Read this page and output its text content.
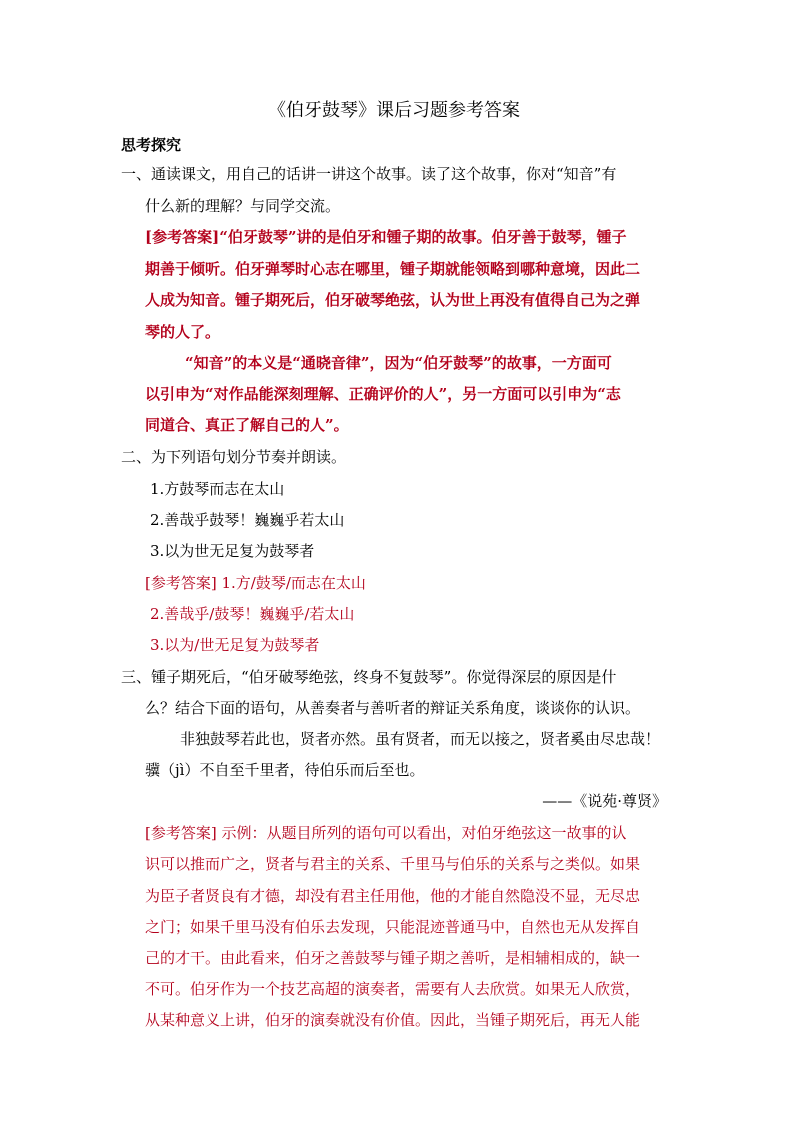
《伯牙鼓琴》课后习题参考答案
思考探究
一、通读课文，用自己的话讲一讲这个故事。读了这个故事，你对“知音”有
什么新的理解？与同学交流。
[参考答案]“伯牙鼓琴”讲的是伯牙和锺子期的故事。伯牙善于鼓琴，锺子
期善于倾听。伯牙弹琴时心志在哪里，锺子期就能领略到哪种意境，因此二
人成为知音。锺子期死后，伯牙破琴绝弦，认为世上再没有值得自己为之弹
琴的人了。
“知音”的本义是“通晓音律”，因为“伯牙鼓琴”的故事，一方面可
以引申为“对作品能深刻理解、正确评价的人”，另一方面可以引申为“志
同道合、真正了解自己的人”。
二、为下列语句划分节奏并朗读。
1.方鼓琴而志在太山
2.善哉乎鼓琴！巍巍乎若太山
3.以为世无足复为鼓琴者
[参考答案] 1.方/鼓琴/而志在太山
2.善哉乎/鼓琴！巍巍乎/若太山
3.以为/世无足复为鼓琴者
三、锺子期死后，“伯牙破琴绝弦，终身不复鼓琴”。你觉得深层的原因是什
么？结合下面的语句，从善奏者与善听者的辩证关系角度，谈谈你的认识。
非独鼓琴若此也，贤者亦然。虽有贤者，而无以接之，贤者奚由尽忠哉！
骥（jì）不自至千里者，待伯乐而后至也。
——《说苑·尊贤》
[参考答案] 示例：从题目所列的语句可以看出，对伯牙绝弦这一故事的认
识可以推而广之，贤者与君主的关系、千里马与伯乐的关系与之类似。如果
为臣子者贤良有才德，却没有君主任用他，他的才能自然隐没不显，无尽忠
之门；如果千里马没有伯乐去发现，只能混迹普通马中，自然也无从发挥自
己的才干。由此看来，伯牙之善鼓琴与锺子期之善听，是相辅相成的，缺一
不可。伯牙作为一个技艺高超的演奏者，需要有人去欣赏。如果无人欣赏，
从某种意义上讲，伯牙的演奏就没有价值。因此，当锺子期死后，再无人能
